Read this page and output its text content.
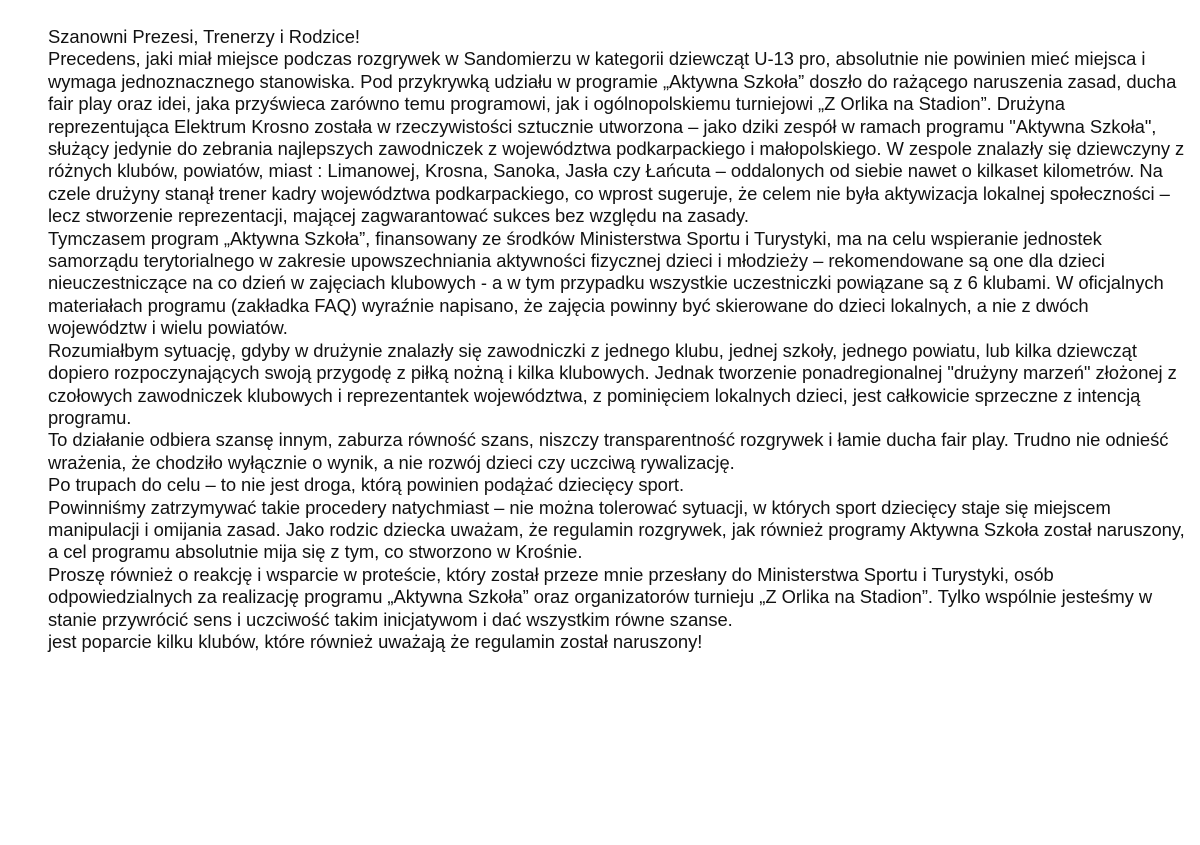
Szanowni Prezesi, Trenerzy i Rodzice!

Precedens, jaki miał miejsce podczas rozgrywek w Sandomierzu w kategorii dziewcząt U-13 pro, absolutnie nie powinien mieć miejsca i wymaga jednoznacznego stanowiska. Pod przykrywką udziału w programie „Aktywna Szkoła” doszło do rażącego naruszenia zasad, ducha fair play oraz idei, jaka przyświeca zarówno temu programowi, jak i ogólnopolskiemu turniejowi „Z Orlika na Stadion”. Drużyna reprezentująca Elektrum Krosno została w rzeczywistości sztucznie utworzona – jako dziki zespół w ramach programu "Aktywna Szkoła", służący jedynie do zebrania najlepszych zawodniczek z województwa podkarpackiego i małopolskiego. W zespole znalazły się dziewczyny z różnych klubów, powiatów, miast : Limanowej, Krosna, Sanoka, Jasła czy Łańcuta – oddalonych od siebie nawet o kilkaset kilometrów. Na czele drużyny stanął trener kadry województwa podkarpackiego, co wprost sugeruje, że celem nie była aktywizacja lokalnej społeczności – lecz stworzenie reprezentacji, mającej zagwarantować sukces bez względu na zasady.

Tymczasem program „Aktywna Szkoła”, finansowany ze środków Ministerstwa Sportu i Turystyki, ma na celu wspieranie jednostek samorządu terytorialnego w zakresie upowszechniania aktywności fizycznej dzieci i młodzieży – rekomendowane są one dla dzieci nieuczestniczące na co dzień w zajęciach klubowych - a w tym przypadku wszystkie uczestniczki powiązane są z 6 klubami. W oficjalnych materiałach programu (zakładka FAQ) wyraźnie napisano, że zajęcia powinny być skierowane do dzieci lokalnych, a nie z dwóch województw i wielu powiatów.

Rozumiałbym sytuację, gdyby w drużynie znalazły się zawodniczki z jednego klubu, jednej szkoły, jednego powiatu, lub kilka dziewcząt dopiero rozpoczynających swoją przygodę z piłką nożną i kilka klubowych. Jednak tworzenie ponadregionalnej "drużyny marzeń" złożonej z czołowych zawodniczek klubowych i reprezentantek województwa, z pominięciem lokalnych dzieci, jest całkowicie sprzeczne z intencją programu.

To działanie odbiera szansę innym, zaburza równość szans, niszczy transparentność rozgrywek i łamie ducha fair play. Trudno nie odnieść wrażenia, że chodziło wyłącznie o wynik, a nie rozwój dzieci czy uczciwą rywalizację.

Po trupach do celu – to nie jest droga, którą powinien podążać dziecięcy sport.

Powinniśmy zatrzymywać takie procedery natychmiast – nie można tolerować sytuacji, w których sport dziecięcy staje się miejscem manipulacji i omijania zasad. Jako rodzic dziecka uważam, że regulamin rozgrywek, jak również programy Aktywna Szkoła został naruszony, a cel programu absolutnie mija się z tym, co stworzono w Krośnie.

Proszę również o reakcję i wsparcie w proteście, który został przeze mnie przesłany do Ministerstwa Sportu i Turystyki, osób odpowiedzialnych za realizację programu „Aktywna Szkoła” oraz organizatorów turnieju „Z Orlika na Stadion”. Tylko wspólnie jesteśmy w stanie przywrócić sens i uczciwość takim inicjatywom i dać wszystkim równe szanse.

jest poparcie kilku klubów, które również uważają że regulamin został naruszony!
